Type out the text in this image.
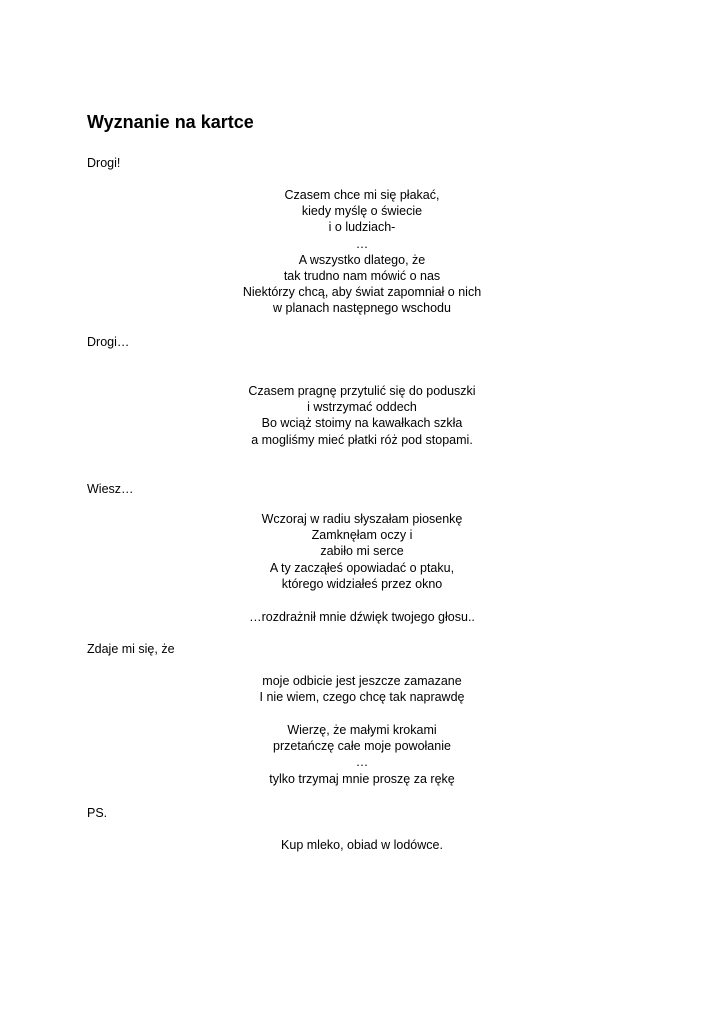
Wyznanie na kartce

Drogi!

Czasem chce mi się płakać,
kiedy myślę o świecie
i o ludziach-
…
A wszystko dlatego, że
tak trudno nam mówić o nas
Niektórzy chcą, aby świat zapomniał o nich
w planach następnego wschodu

Drogi…

Czasem pragnę przytulić się do poduszki
i wstrzymać oddech
Bo wciąż stoimy na kawałkach szkła
a mogliśmy mieć płatki róż pod stopami.

Wiesz…

Wczoraj w radiu słyszałam piosenkę
Zamknęłam oczy i
zabiło mi serce
A ty zacząłeś opowiadać o ptaku,
którego widziałeś przez okno

…rozdrażnił mnie dźwięk twojego głosu..

Zdaje mi się, że

moje odbicie jest jeszcze zamazane
I nie wiem, czego chcę tak naprawdę

Wierzę, że małymi krokami
przetańczę całe moje powołanie
…
tylko trzymaj mnie proszę za rękę

PS.

Kup mleko, obiad w lodówce.
